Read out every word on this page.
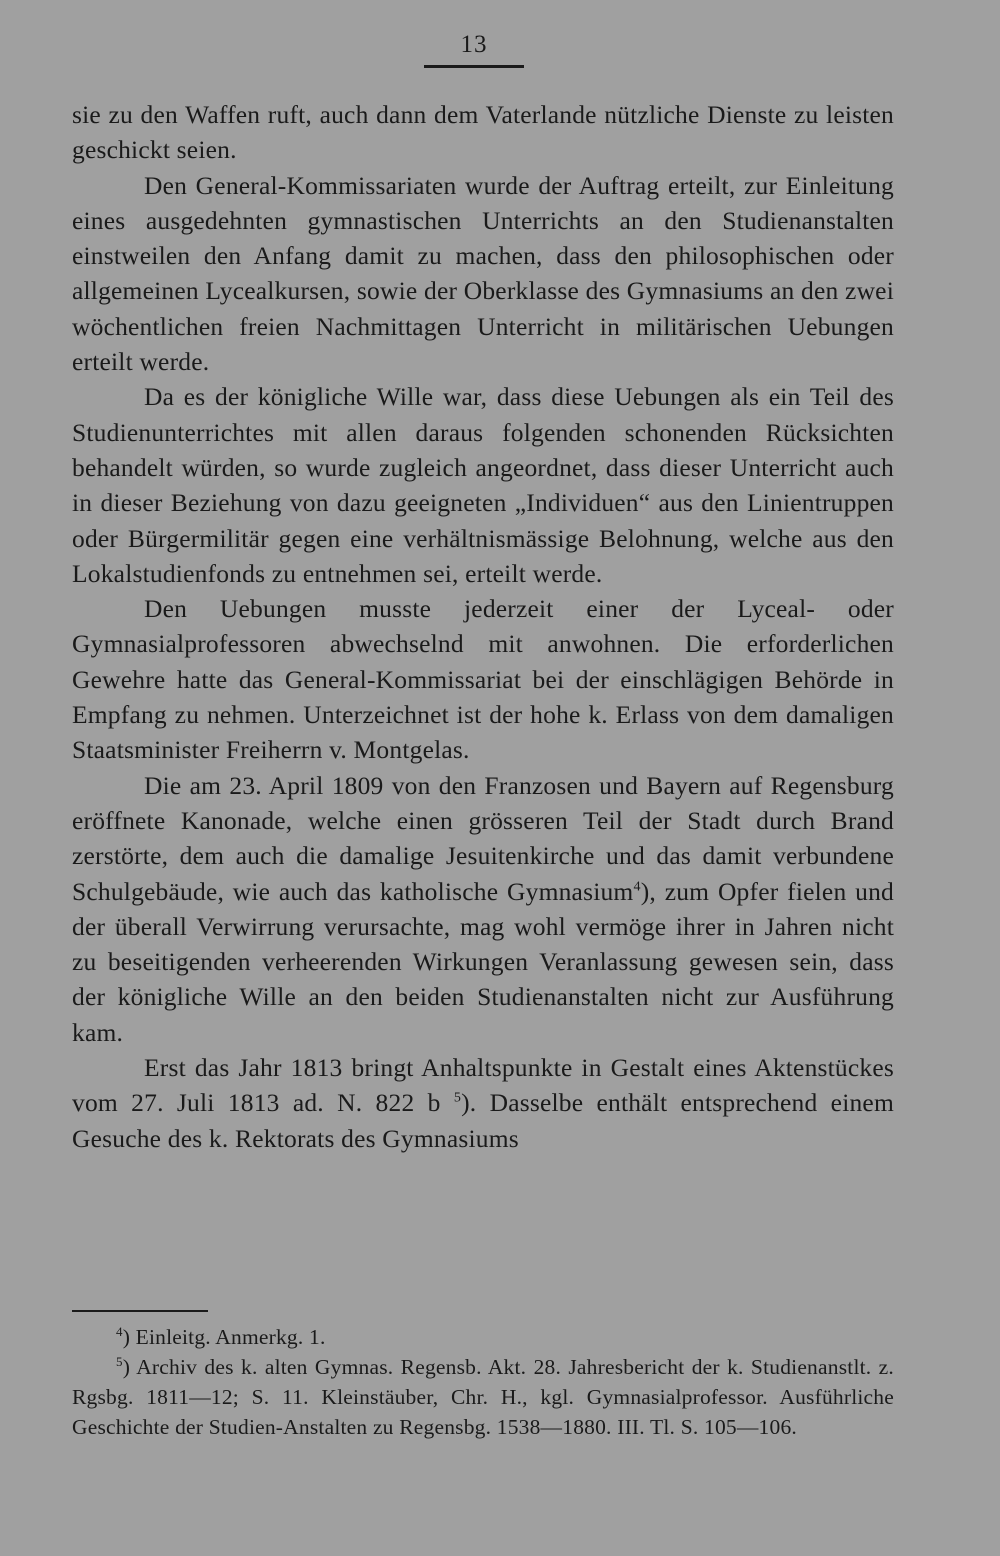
13

sie zu den Waffen ruft, auch dann dem Vaterlande nützliche Dienste zu leisten geschickt seien.

Den General-Kommissariaten wurde der Auftrag erteilt, zur Einleitung eines ausgedehnten gymnastischen Unterrichts an den Studienanstalten einstweilen den Anfang damit zu machen, dass den philosophischen oder allgemeinen Lycealkursen, sowie der Oberklasse des Gymnasiums an den zwei wöchentlichen freien Nachmittagen Unterricht in militärischen Uebungen erteilt werde.

Da es der königliche Wille war, dass diese Uebungen als ein Teil des Studienunterrichtes mit allen daraus folgenden schonenden Rücksichten behandelt würden, so wurde zugleich angeordnet, dass dieser Unterricht auch in dieser Beziehung von dazu geeigneten „Individuen“ aus den Linientruppen oder Bürgermilitär gegen eine verhältnismässige Belohnung, welche aus den Lokalstudienfonds zu entnehmen sei, erteilt werde.

Den Uebungen musste jederzeit einer der Lyceal- oder Gymnasialprofessoren abwechselnd mit anwohnen. Die erforderlichen Gewehre hatte das General-Kommissariat bei der einschlägigen Behörde in Empfang zu nehmen. Unterzeichnet ist der hohe k. Erlass von dem damaligen Staatsminister Freiherrn v. Montgelas.

Die am 23. April 1809 von den Franzosen und Bayern auf Regensburg eröffnete Kanonade, welche einen grösseren Teil der Stadt durch Brand zerstörte, dem auch die damalige Jesuitenkirche und das damit verbundene Schulgebäude, wie auch das katholische Gymnasium$^4$), zum Opfer fielen und der überall Verwirrung verursachte, mag wohl vermöge ihrer in Jahren nicht zu beseitigenden verheerenden Wirkungen Veranlassung gewesen sein, dass der königliche Wille an den beiden Studienanstalten nicht zur Ausführung kam.

Erst das Jahr 1813 bringt Anhaltspunkte in Gestalt eines Aktenstückes vom 27. Juli 1813 ad. N. 822 b $^5$). Dasselbe enthält entsprechend einem Gesuche des k. Rektorats des Gymnasiums

$^4$) Einleitg. Anmerkg. 1.

$^5$) Archiv des k. alten Gymnas. Regensb. Akt. 28. Jahresbericht der k. Studienanstlt. z. Rgsbg. 1811—12; S. 11. Kleinstäuber, Chr. H., kgl. Gymnasialprofessor. Ausführliche Geschichte der Studien-Anstalten zu Regensbg. 1538—1880. III. Tl. S. 105—106.
